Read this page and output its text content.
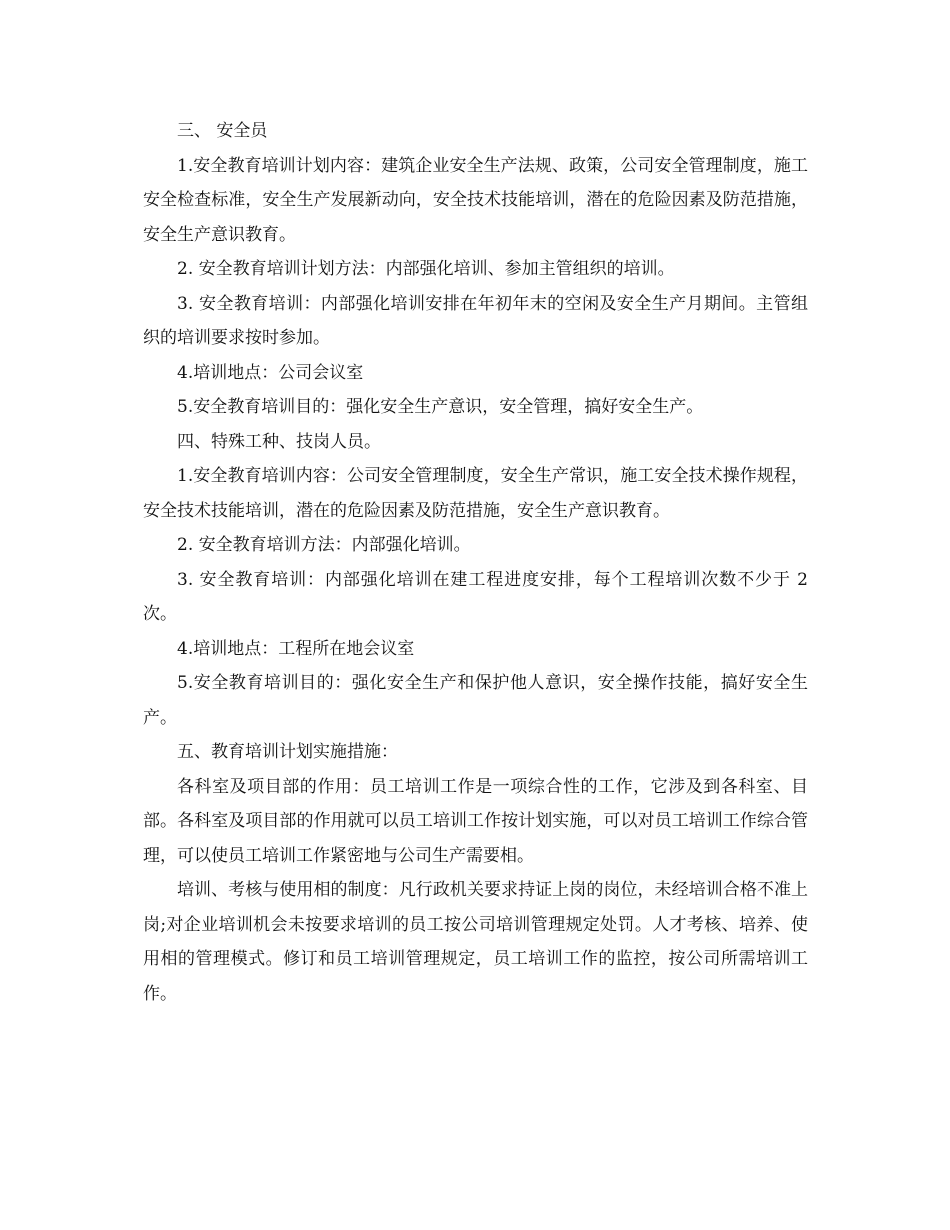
三、 安全员

1.安全教育培训计划内容：建筑企业安全生产法规、政策，公司安全管理制度，施工安全检查标准，安全生产发展新动向，安全技术技能培训，潜在的危险因素及防范措施，安全生产意识教育。

2. 安全教育培训计划方法：内部强化培训、参加主管组织的培训。

3. 安全教育培训：内部强化培训安排在年初年末的空闲及安全生产月期间。主管组织的培训要求按时参加。

4.培训地点：公司会议室

5.安全教育培训目的：强化安全生产意识，安全管理，搞好安全生产。

四、特殊工种、技岗人员。

1.安全教育培训内容：公司安全管理制度，安全生产常识，施工安全技术操作规程，安全技术技能培训，潜在的危险因素及防范措施，安全生产意识教育。

2. 安全教育培训方法：内部强化培训。

3. 安全教育培训：内部强化培训在建工程进度安排，每个工程培训次数不少于 2 次。

4.培训地点：工程所在地会议室

5.安全教育培训目的：强化安全生产和保护他人意识，安全操作技能，搞好安全生产。

五、教育培训计划实施措施：

各科室及项目部的作用：员工培训工作是一项综合性的工作，它涉及到各科室、目部。各科室及项目部的作用就可以员工培训工作按计划实施，可以对员工培训工作综合管理，可以使员工培训工作紧密地与公司生产需要相。

培训、考核与使用相的制度：凡行政机关要求持证上岗的岗位，未经培训合格不准上岗;对企业培训机会未按要求培训的员工按公司培训管理规定处罚。人才考核、培养、使用相的管理模式。修订和员工培训管理规定，员工培训工作的监控，按公司所需培训工作。
